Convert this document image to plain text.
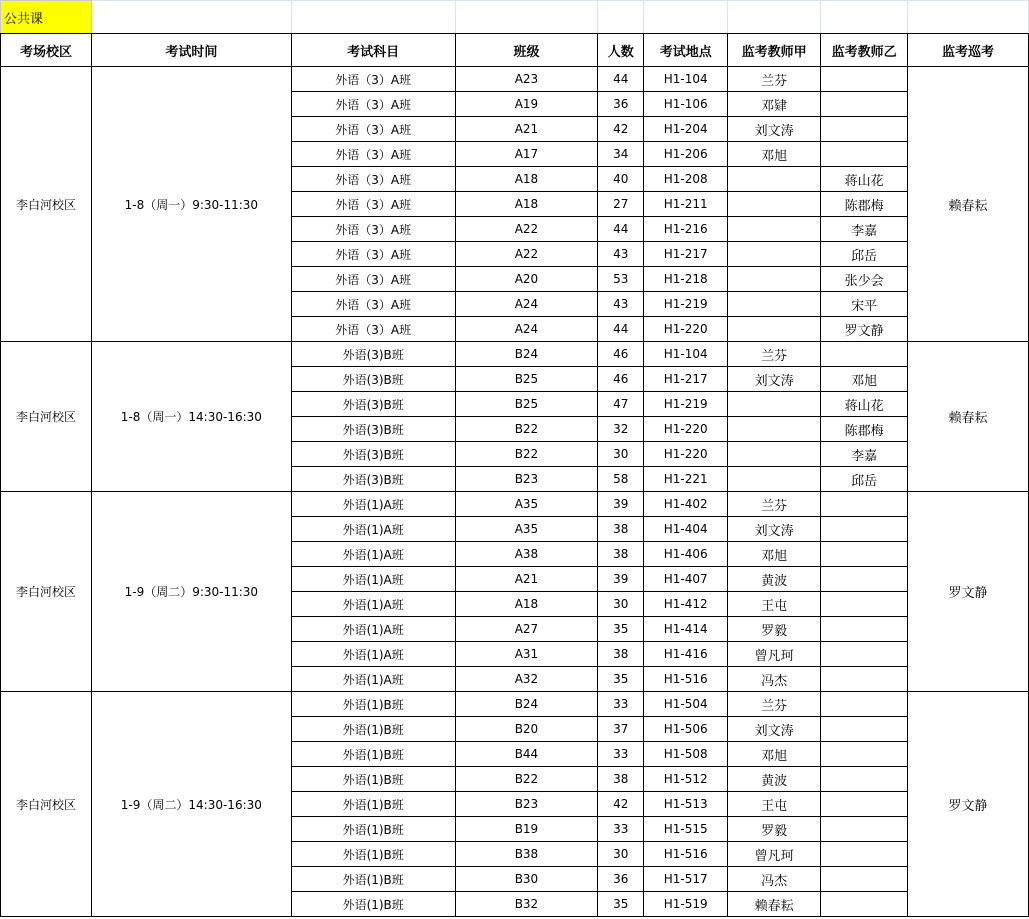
公共课								
考场校区	考试时间	考试科目	班级	人数	考试地点	监考教师甲	监考教师乙	监考巡考
李白河校区	1-8（周一）9:30-11:30	外语（3）A班	A23	44	H1-104	兰芬		赖春耘
		外语（3）A班	A19	36	H1-106	邓肄		
		外语（3）A班	A21	42	H1-204	刘文涛		
		外语（3）A班	A17	34	H1-206	邓旭		
		外语（3）A班	A18	40	H1-208		蒋山花	
		外语（3）A班	A18	27	H1-211		陈郡梅	
		外语（3）A班	A22	44	H1-216		李嘉	
		外语（3）A班	A22	43	H1-217		邱岳	
		外语（3）A班	A20	53	H1-218		张少会	
		外语（3）A班	A24	43	H1-219		宋平	
		外语（3）A班	A24	44	H1-220		罗文静	
李白河校区	1-8（周一）14:30-16:30	外语(3)B班	B24	46	H1-104	兰芬		赖春耘
		外语(3)B班	B25	46	H1-217	刘文涛	邓旭	
		外语(3)B班	B25	47	H1-219		蒋山花	
		外语(3)B班	B22	32	H1-220		陈郡梅	
		外语(3)B班	B22	30	H1-220		李嘉	
		外语(3)B班	B23	58	H1-221		邱岳	
李白河校区	1-9（周二）9:30-11:30	外语(1)A班	A35	39	H1-402	兰芬		罗文静
		外语(1)A班	A35	38	H1-404	刘文涛		
		外语(1)A班	A38	38	H1-406	邓旭		
		外语(1)A班	A21	39	H1-407	黄波		
		外语(1)A班	A18	30	H1-412	王屯		
		外语(1)A班	A27	35	H1-414	罗毅		
		外语(1)A班	A31	38	H1-416	曾凡珂		
		外语(1)A班	A32	35	H1-516	冯杰		
李白河校区	1-9（周二）14:30-16:30	外语(1)B班	B24	33	H1-504	兰芬		罗文静
		外语(1)B班	B20	37	H1-506	刘文涛		
		外语(1)B班	B44	33	H1-508	邓旭		
		外语(1)B班	B22	38	H1-512	黄波		
		外语(1)B班	B23	42	H1-513	王屯		
		外语(1)B班	B19	33	H1-515	罗毅		
		外语(1)B班	B38	30	H1-516	曾凡珂		
		外语(1)B班	B30	36	H1-517	冯杰		
		外语(1)B班	B32	35	H1-519	赖春耘		
